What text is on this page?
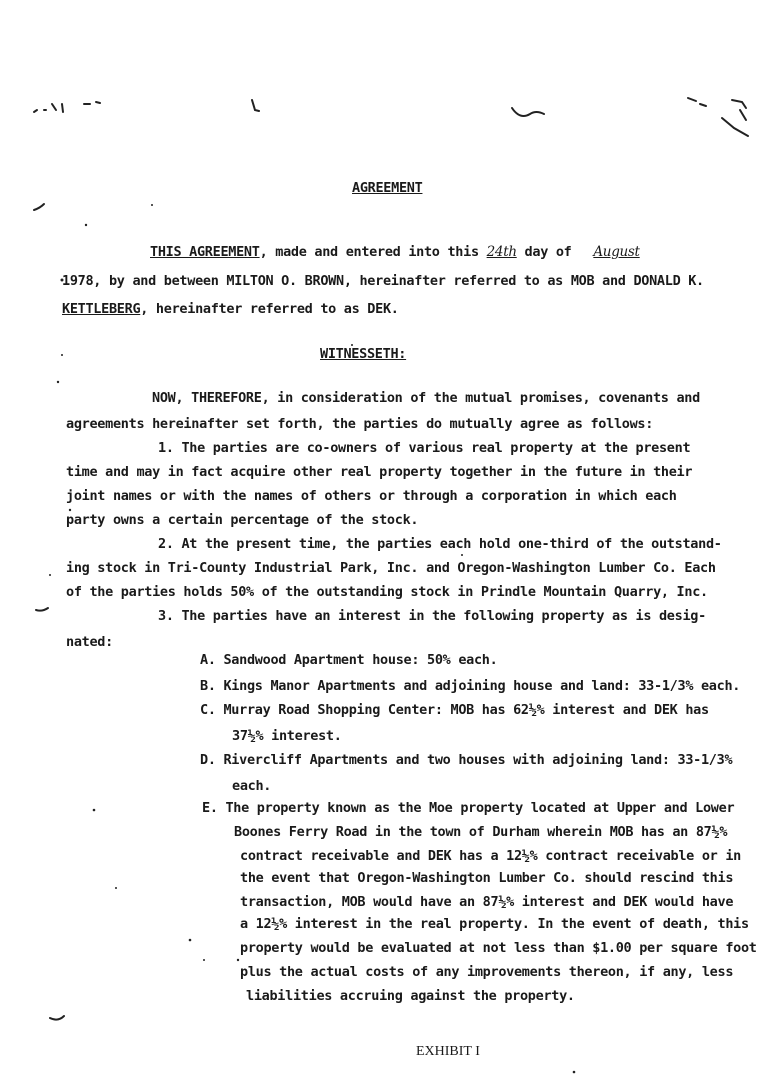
AGREEMENT
THIS AGREEMENT, made and entered into this 24th day of August
1978, by and between MILTON O. BROWN, hereinafter referred to as MOB and DONALD K.
KETTLEBERG, hereinafter referred to as DEK.
WITNESSETH:
NOW, THEREFORE, in consideration of the mutual promises, covenants and
agreements hereinafter set forth, the parties do mutually agree as follows:
1. The parties are co-owners of various real property at the present
time and may in fact acquire other real property together in the future in their
joint names or with the names of others or through a corporation in which each
party owns a certain percentage of the stock.
2. At the present time, the parties each hold one-third of the outstand-
ing stock in Tri-County Industrial Park, Inc. and Oregon-Washington Lumber Co. Each
of the parties holds 50% of the outstanding stock in Prindle Mountain Quarry, Inc.
3. The parties have an interest in the following property as is desig-
nated:
A. Sandwood Apartment house: 50% each.
B. Kings Manor Apartments and adjoining house and land: 33-1/3% each.
C. Murray Road Shopping Center: MOB has 62½% interest and DEK has
37½% interest.
D. Rivercliff Apartments and two houses with adjoining land: 33-1/3%
each.
E. The property known as the Moe property located at Upper and Lower
Boones Ferry Road in the town of Durham wherein MOB has an 87½%
contract receivable and DEK has a 12½% contract receivable or in
the event that Oregon-Washington Lumber Co. should rescind this
transaction, MOB would have an 87½% interest and DEK would have
a 12½% interest in the real property. In the event of death, this
property would be evaluated at not less than $1.00 per square foot
plus the actual costs of any improvements thereon, if any, less
liabilities accruing against the property.
EXHIBIT I
